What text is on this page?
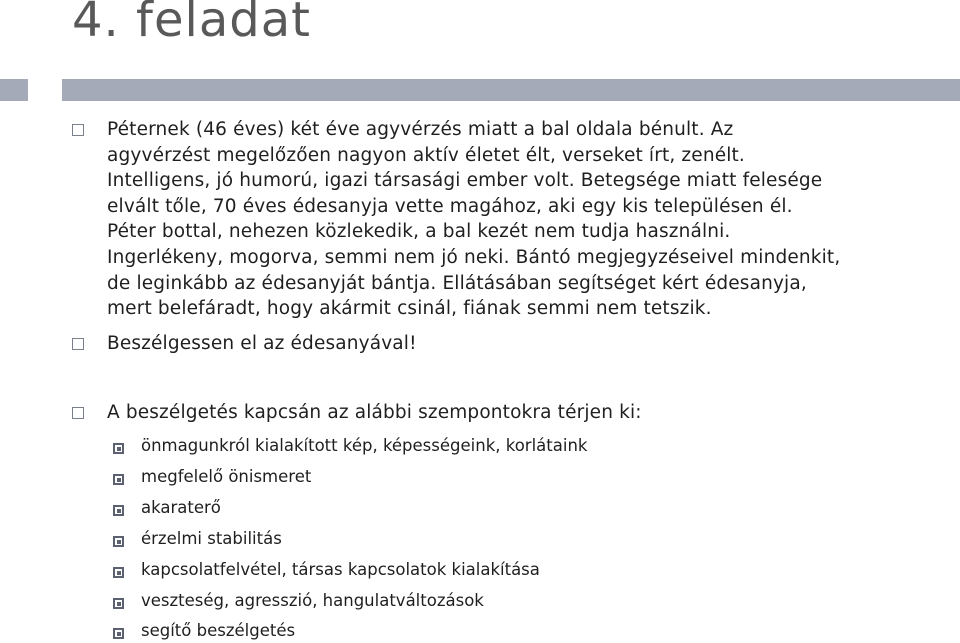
4. feladat
Péternek (46 éves) két éve agyvérzés miatt a bal oldala bénult. Az
agyvérzést megelőzően nagyon aktív életet élt, verseket írt, zenélt.
Intelligens, jó humorú, igazi társasági ember volt. Betegsége miatt felesége
elvált tőle, 70 éves édesanyja vette magához, aki egy kis településen él.
Péter bottal, nehezen közlekedik, a bal kezét nem tudja használni.
Ingerlékeny, mogorva, semmi nem jó neki. Bántó megjegyzéseivel mindenkit,
de leginkább az édesanyját bántja. Ellátásában segítséget kért édesanyja,
mert belefáradt, hogy akármit csinál, fiának semmi nem tetszik.
Beszélgessen el az édesanyával!
A beszélgetés kapcsán az alábbi szempontokra térjen ki:
önmagunkról kialakított kép, képességeink, korlátaink
megfelelő önismeret
akaraterő
érzelmi stabilitás
kapcsolatfelvétel, társas kapcsolatok kialakítása
veszteség, agresszió, hangulatváltozások
segítő beszélgetés
